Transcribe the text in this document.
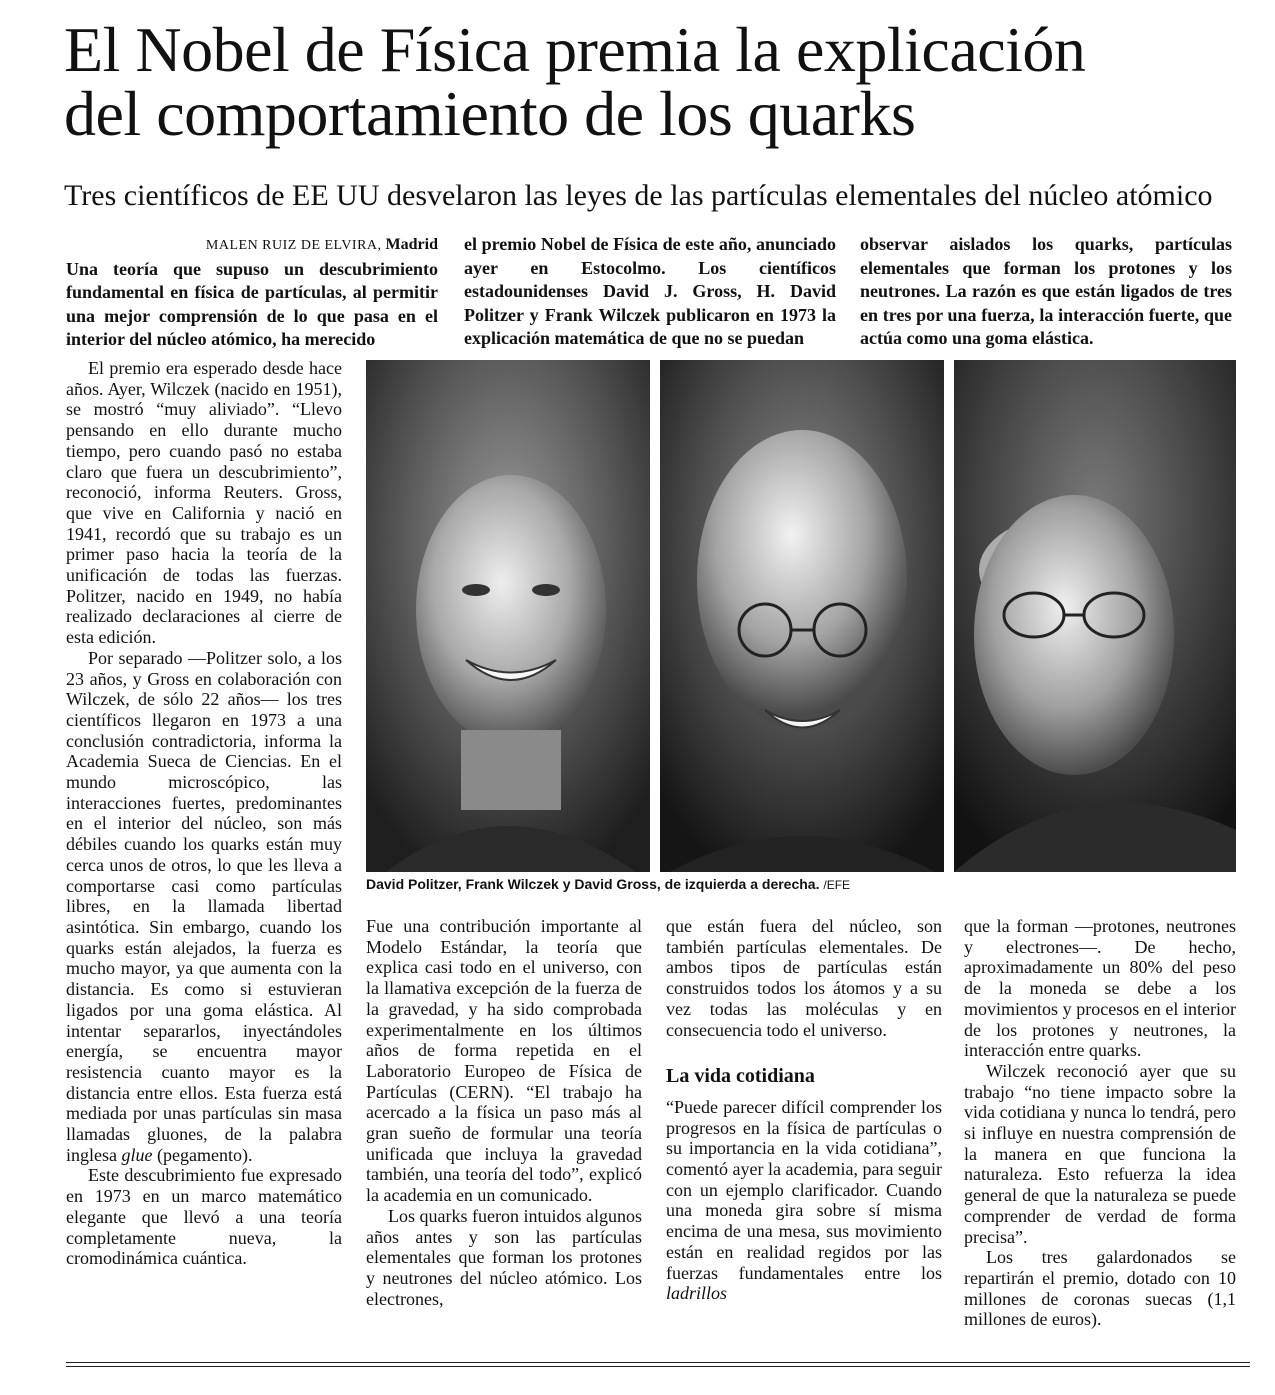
El Nobel de Física premia la explicación
del comportamiento de los quarks
Tres científicos de EE UU desvelaron las leyes de las partículas elementales del núcleo atómico
MALEN RUIZ DE ELVIRA, Madrid
Una teoría que supuso un descubrimiento fundamental en física de partículas, al permitir una mejor comprensión de lo que pasa en el interior del núcleo atómico, ha merecido
el premio Nobel de Física de este año, anunciado ayer en Estocolmo. Los científicos estadounidenses David J. Gross, H. David Politzer y Frank Wilczek publicaron en 1973 la explicación matemática de que no se puedan
observar aislados los quarks, partículas elementales que forman los protones y los neutrones. La razón es que están ligados de tres en tres por una fuerza, la interacción fuerte, que actúa como una goma elástica.
David Politzer, Frank Wilczek y David Gross, de izquierda a derecha. /EFE

El premio era esperado desde hace años. Ayer, Wilczek (nacido en 1951), se mostró “muy aliviado”. “Llevo pensando en ello durante mucho tiempo, pero cuando pasó no estaba claro que fuera un descubrimiento”, reconoció, informa Reuters. Gross, que vive en California y nació en 1941, recordó que su trabajo es un primer paso hacia la teoría de la unificación de todas las fuerzas. Politzer, nacido en 1949, no había realizado declaraciones al cierre de esta edición.

Por separado —Politzer solo, a los 23 años, y Gross en colaboración con Wilczek, de sólo 22 años— los tres científicos llegaron en 1973 a una conclusión contradictoria, informa la Academia Sueca de Ciencias. En el mundo microscópico, las interacciones fuertes, predominantes en el interior del núcleo, son más débiles cuando los quarks están muy cerca unos de otros, lo que les lleva a comportarse casi como partículas libres, en la llamada libertad asintótica. Sin embargo, cuando los quarks están alejados, la fuerza es mucho mayor, ya que aumenta con la distancia. Es como si estuvieran ligados por una goma elástica. Al intentar separarlos, inyectándoles energía, se encuentra mayor resistencia cuanto mayor es la distancia entre ellos. Esta fuerza está mediada por unas partículas sin masa llamadas gluones, de la palabra inglesa glue (pegamento).

Este descubrimiento fue expresado en 1973 en un marco matemático elegante que llevó a una teoría completamente nueva, la cromodinámica cuántica.

Fue una contribución importante al Modelo Estándar, la teoría que explica casi todo en el universo, con la llamativa excepción de la fuerza de la gravedad, y ha sido comprobada experimentalmente en los últimos años de forma repetida en el Laboratorio Europeo de Física de Partículas (CERN). “El trabajo ha acercado a la física un paso más al gran sueño de formular una teoría unificada que incluya la gravedad también, una teoría del todo”, explicó la academia en un comunicado.

Los quarks fueron intuidos algunos años antes y son las partículas elementales que forman los protones y neutrones del núcleo atómico. Los electrones,

que están fuera del núcleo, son también partículas elementales. De ambos tipos de partículas están construidos todos los átomos y a su vez todas las moléculas y en consecuencia todo el universo.

La vida cotidiana

“Puede parecer difícil comprender los progresos en la física de partículas o su importancia en la vida cotidiana”, comentó ayer la academia, para seguir con un ejemplo clarificador. Cuando una moneda gira sobre sí misma encima de una mesa, sus movimiento están en realidad regidos por las fuerzas fundamentales entre los ladrillos

que la forman —protones, neutrones y electrones—. De hecho, aproximadamente un 80% del peso de la moneda se debe a los movimientos y procesos en el interior de los protones y neutrones, la interacción entre quarks.

Wilczek reconoció ayer que su trabajo “no tiene impacto sobre la vida cotidiana y nunca lo tendrá, pero si influye en nuestra comprensión de la manera en que funciona la naturaleza. Esto refuerza la idea general de que la naturaleza se puede comprender de verdad de forma precisa”.

Los tres galardonados se repartirán el premio, dotado con 10 millones de coronas suecas (1,1 millones de euros).
